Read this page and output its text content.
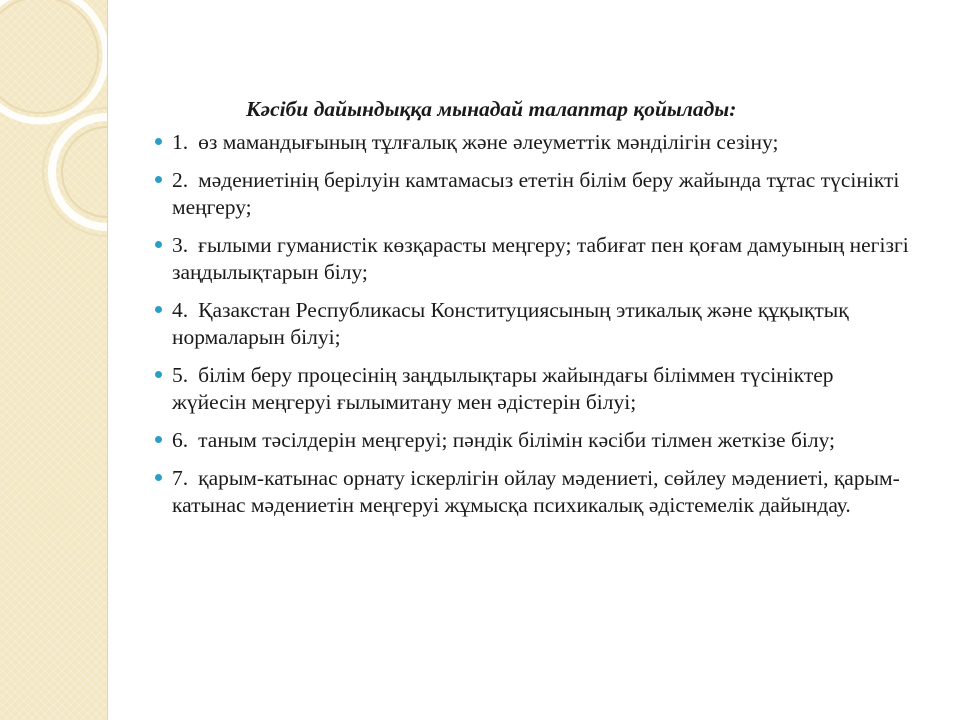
Кәсіби дайындыққа мынадай талаптар қойылады:

1. өз мамандығының тұлғалық және әлеуметтік мәнділігін сезіну;
2. мәдениетінің берілуін камтамасыз ететін білім беру жайында тұтас түсінікті меңгеру;
3. ғылыми гуманистік көзқарасты меңгеру; табиғат пен қоғам дамуының негізгі заңдылықтарын білу;
4. Қазакстан Республикасы Конституциясының этикалық және құқықтық нормаларын білуі;
5. білім беру процесінің заңдылықтары жайындағы біліммен түсініктер жүйесін меңгеруі ғылымитану мен әдістерін білуі;
6. таным тәсілдерін меңгеруі; пәндік білімін кәсіби тілмен жеткізе білу;
7. қарым-катынас орнату іскерлігін ойлау мәдениеті, сөйлеу мәдениеті, қарым-катынас мәдениетін меңгеруі жұмысқа психикалық әдістемелік дайындау.
